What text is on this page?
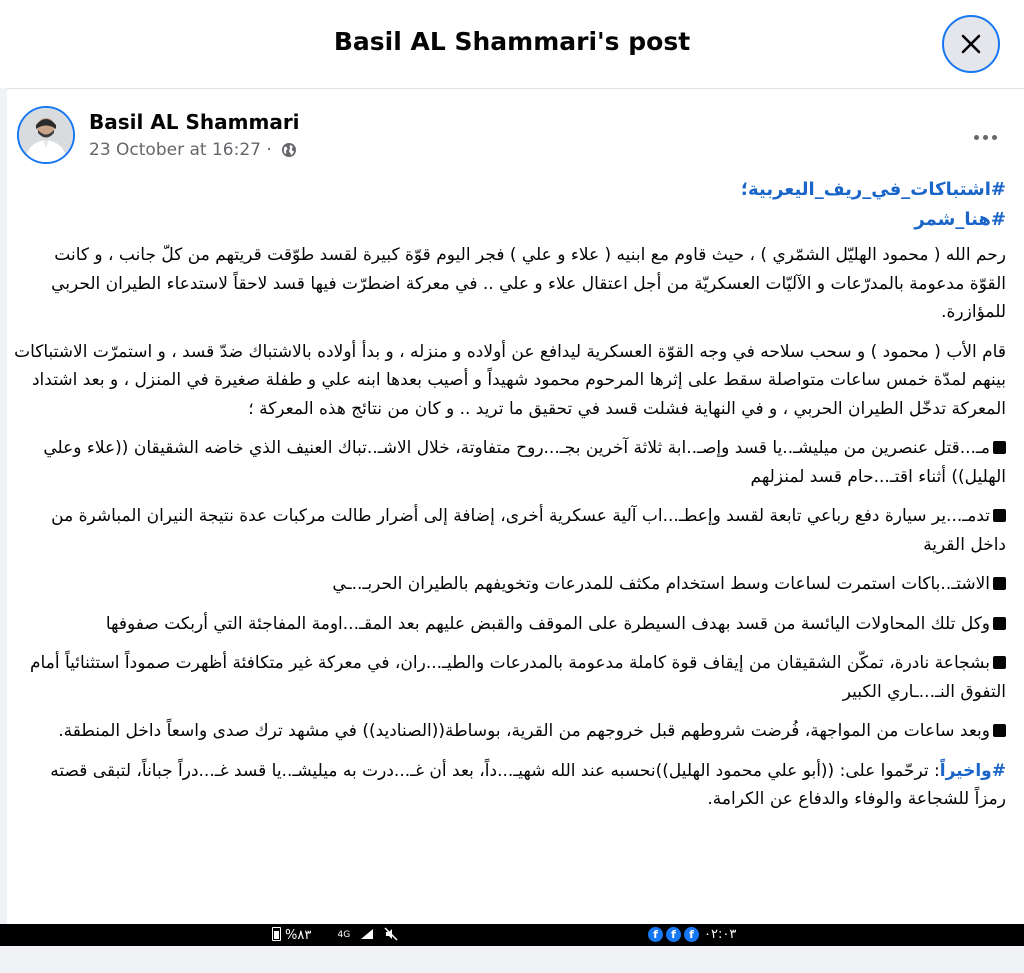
Basil AL Shammari's post
Basil AL Shammari
23 October at 16:27 ·

#اشتباكات_في_ريف_اليعربية؛

#هنا_شمر

رحم الله ( محمود الهليّل الشمّري ) ، حيث قاوم مع ابنيه ( علاء و علي ) فجر اليوم قوّة كبيرة لقسد طوّقت قريتهم من كلّ جانب ، و كانت القوّة مدعومة بالمدرّعات و الآليّات العسكريّة من أجل اعتقال علاء و علي .. في معركة اضطرّت فيها قسد لاحقاً لاستدعاء الطيران الحربي للمؤازرة.

قام الأب ( محمود ) و سحب سلاحه في وجه القوّة العسكرية ليدافع عن أولاده و منزله ، و بدأ أولاده بالاشتباك ضدّ قسد ، و استمرّت الاشتباكات بينهم لمدّة خمس ساعات متواصلة سقط على إثرها المرحوم محمود شهيداً و أصيب بعدها ابنه علي و طفلة صغيرة في المنزل ، و بعد اشتداد المعركة تدخّل الطيران الحربي ، و في النهاية فشلت قسد في تحقيق ما تريد .. و كان من نتائج هذه المعركة ؛

مـ...قتل عنصرين من ميليشـ..يا قسد وإصـ..ابة ثلاثة آخرين بجـ...روح متفاوتة، خلال الاشـ..تباك العنيف الذي خاضه الشقيقان ((علاء وعلي الهليل)) أثناء اقتـ...حام قسد لمنزلهم

تدمـ...ير سيارة دفع رباعي تابعة لقسد وإعطـ...اب آلية عسكرية أخرى، إضافة إلى أضرار طالت مركبات عدة نتيجة النيران المباشرة من داخل القرية

الاشتـ..باكات استمرت لساعات وسط استخدام مكثف للمدرعات وتخويفهم بالطيران الحربـ..ـي

وكل تلك المحاولات اليائسة من قسد بهدف السيطرة على الموقف والقبض عليهم بعد المقـ...اومة المفاجئة التي أربكت صفوفها

بشجاعة نادرة، تمكّن الشقيقان من إيقاف قوة كاملة مدعومة بالمدرعات والطيـ...ران، في معركة غير متكافئة أظهرت صموداً استثنائياً أمام التفوق النـ...ـاري الكبير

وبعد ساعات من المواجهة، فُرضت شروطهم قبل خروجهم من القرية، بوساطة((الصناديد)) في مشهد ترك صدى واسعاً داخل المنطقة.

#واخيراً: ترحّموا على: ((أبو علي محمود الهليل))نحسبه عند الله شهيـ...داً، بعد أن غـ...درت به ميليشـ..يا قسد غـ...دراً جباناً، لتبقى قصته رمزاً للشجاعة والوفاء والدفاع عن الكرامة.

%٨٣	$^{4G}$	f f f $^{٠٢:٠٣}$
